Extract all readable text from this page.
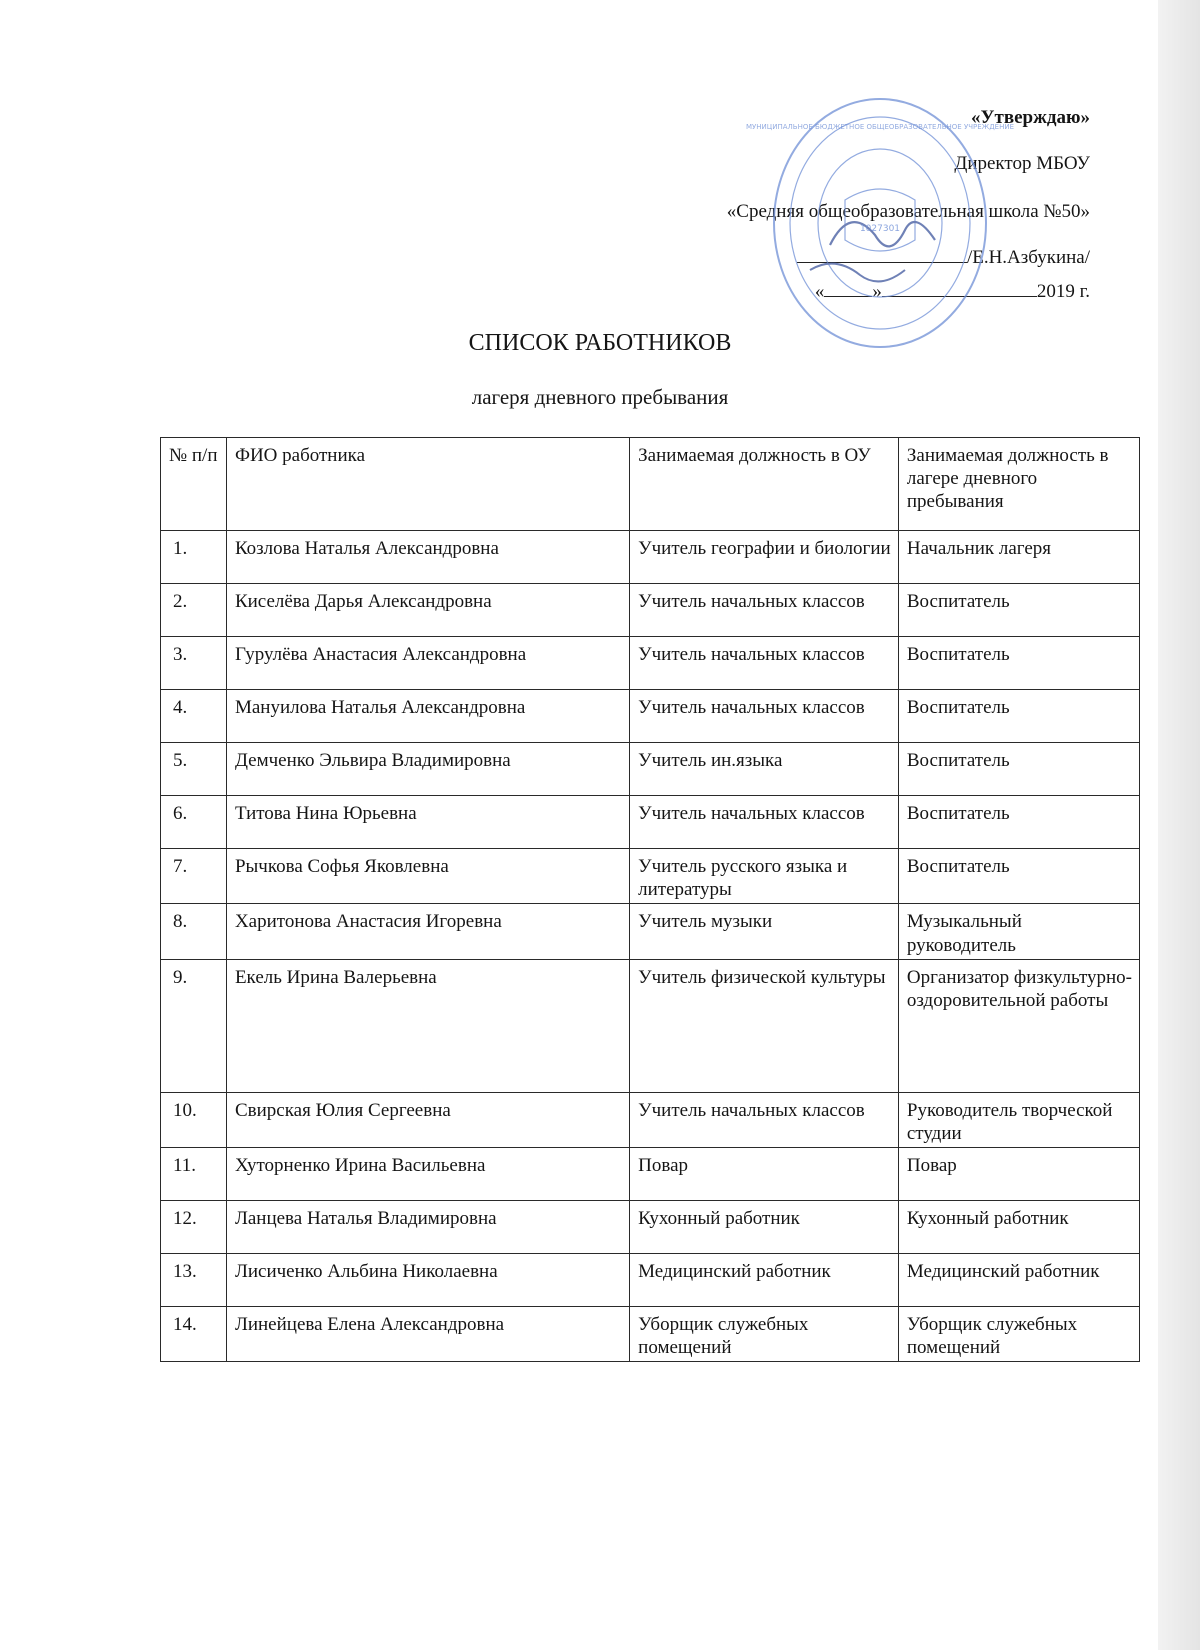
«Утверждаю»
Директор МБОУ
«Средняя общеобразовательная школа №50»
/Е.Н.Азбукина/
«	»	2019 г.
1027301
МУНИЦИПАЛЬНОЕ БЮДЖЕТНОЕ ОБЩЕОБРАЗОВАТЕЛЬНОЕ УЧРЕЖДЕНИЕ
СПИСОК РАБОТНИКОВ
лагеря дневного пребывания
№ п/п	ФИО работника	Занимаемая должность в ОУ	Занимаемая должность в лагере дневного пребывания
1.	Козлова Наталья Александровна	Учитель географии и биологии	Начальник лагеря
2.	Киселёва Дарья Александровна	Учитель начальных классов	Воспитатель
3.	Гурулёва Анастасия Александровна	Учитель начальных классов	Воспитатель
4.	Мануилова Наталья Александровна	Учитель начальных классов	Воспитатель
5.	Демченко Эльвира Владимировна	Учитель ин.языка	Воспитатель
6.	Титова Нина Юрьевна	Учитель начальных классов	Воспитатель
7.	Рычкова Софья Яковлевна	Учитель русского языка и литературы	Воспитатель
8.	Харитонова Анастасия Игоревна	Учитель музыки	Музыкальный руководитель
9.	Екель Ирина Валерьевна	Учитель физической культуры	Организатор физкультурно-оздоровительной работы
10.	Свирская Юлия Сергеевна	Учитель начальных классов	Руководитель творческой студии
11.	Хуторненко Ирина Васильевна	Повар	Повар
12.	Ланцева Наталья Владимировна	Кухонный работник	Кухонный работник
13.	Лисиченко Альбина Николаевна	Медицинский работник	Медицинский работник
14.	Линейцева Елена Александровна	Уборщик служебных помещений	Уборщик служебных помещений
